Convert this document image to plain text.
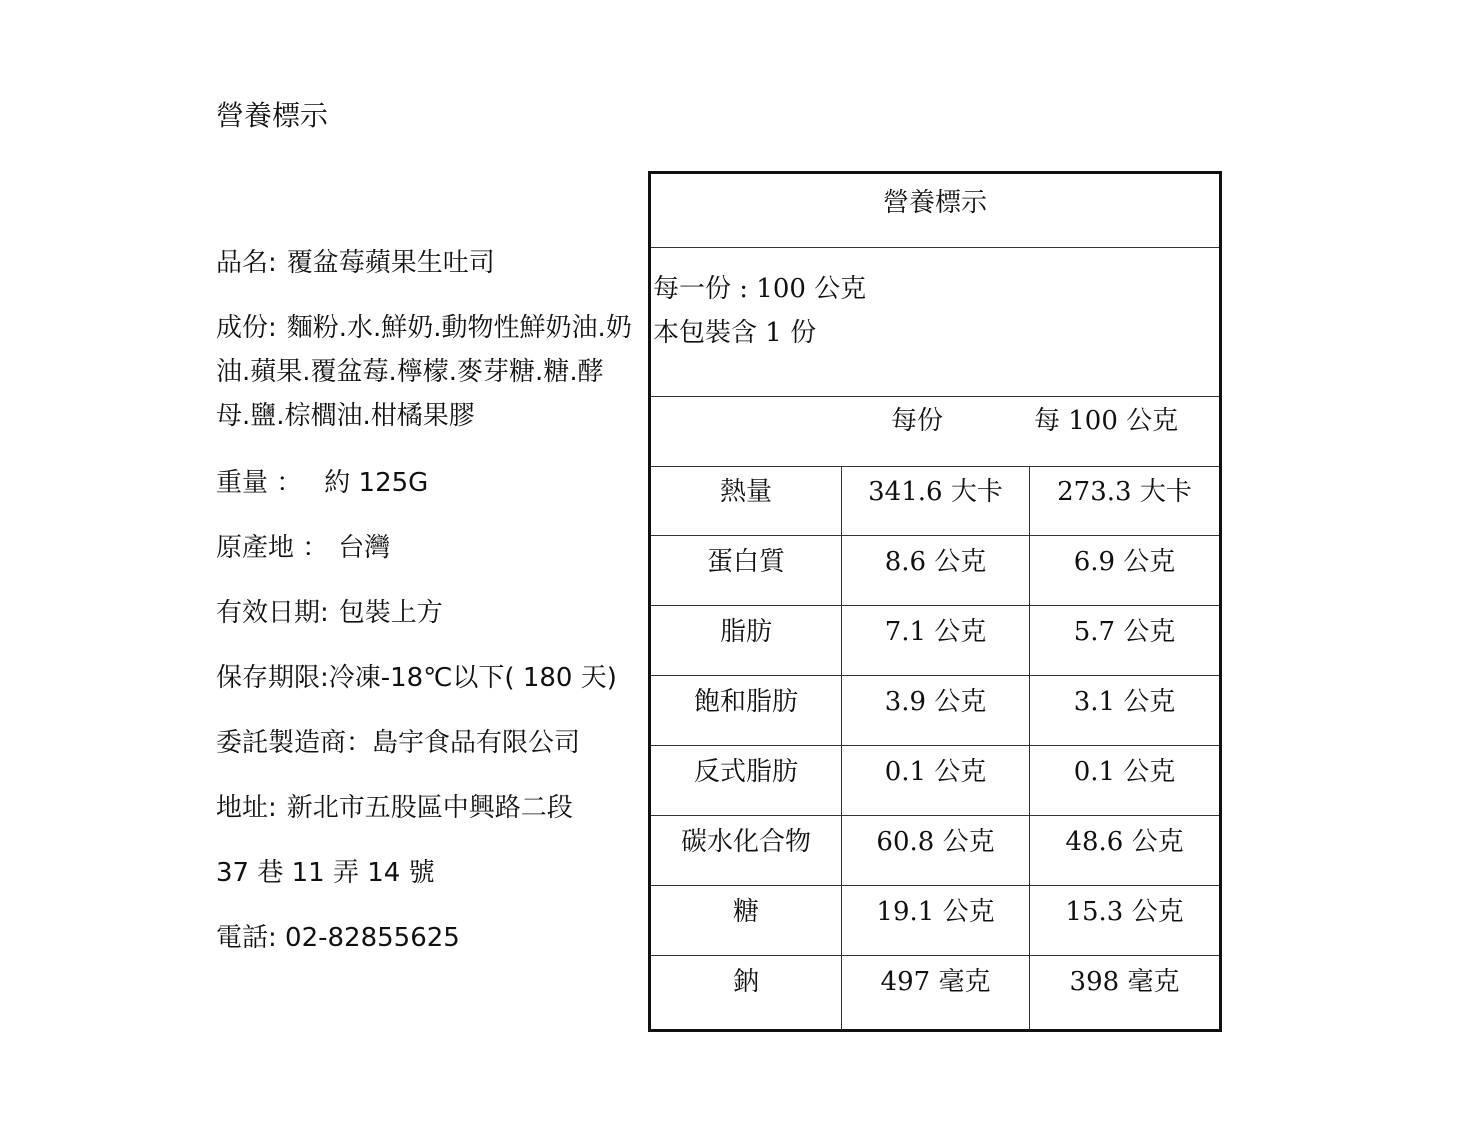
營養標示
品名: 覆盆莓蘋果生吐司
成份: 麵粉.水.鮮奶.動物性鮮奶油.奶油.蘋果.覆盆莓.檸檬.麥芽糖.糖.酵母.鹽.棕櫚油.柑橘果膠
重量 ： 約 125G
原產地 ： 台灣
有效日期: 包裝上方
保存期限:冷凍-18℃以下( 180 天)
委託製造商：島宇食品有限公司
地址: 新北市五股區中興路二段
37 巷 11 弄 14 號
電話: 02-82855625
營養標示
每一份 : 100 公克
本包裝含 1 份
每份	每 100 公克
熱量	341.6 大卡	273.3 大卡
蛋白質	8.6 公克	6.9 公克
脂肪	7.1 公克	5.7 公克
飽和脂肪	3.9 公克	3.1 公克
反式脂肪	0.1 公克	0.1 公克
碳水化合物	60.8 公克	48.6 公克
糖	19.1 公克	15.3 公克
鈉	497 毫克	398 毫克
